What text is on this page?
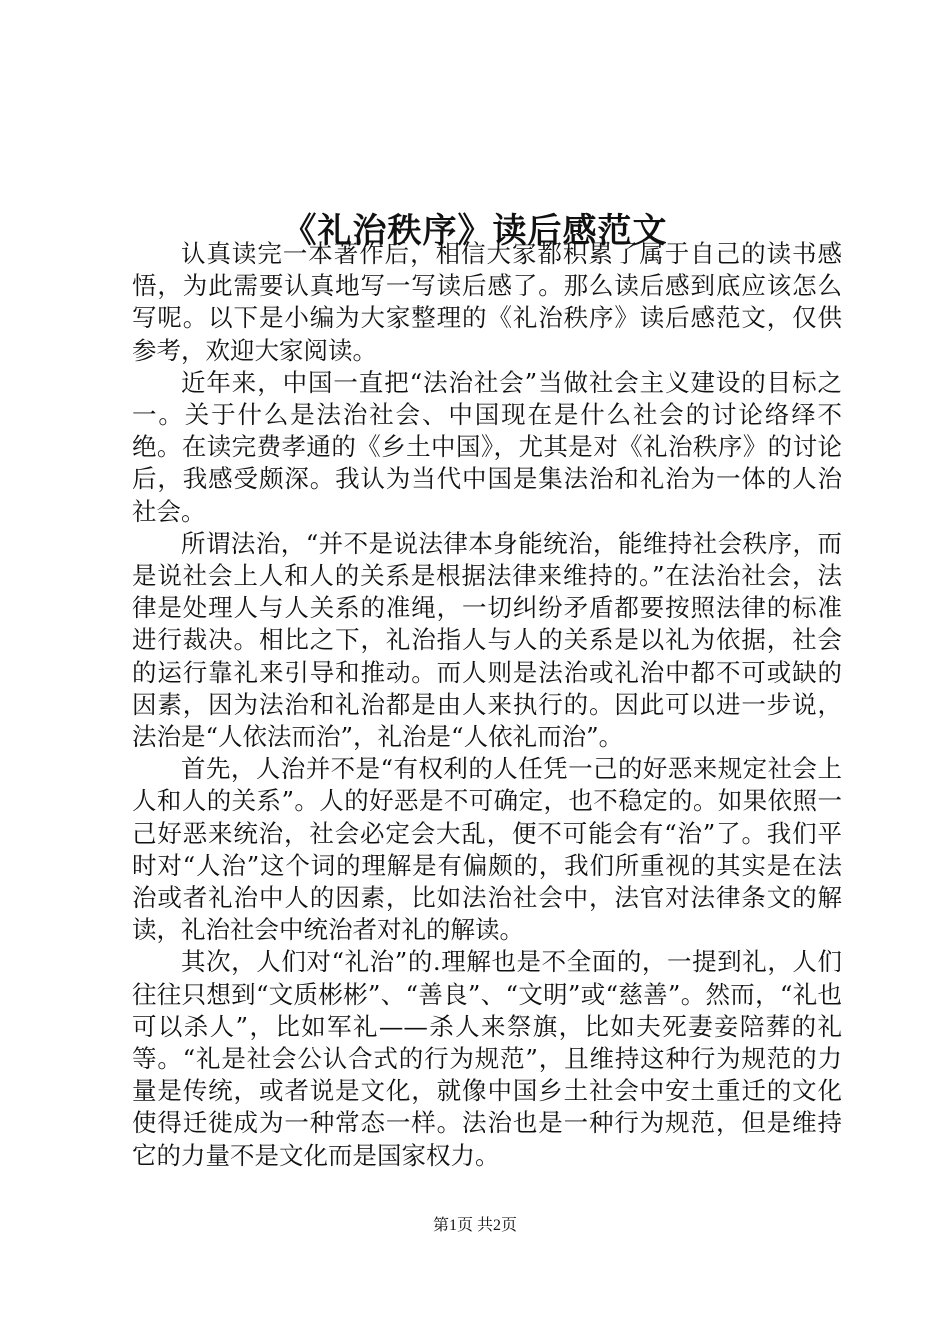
《礼治秩序》读后感范文

认真读完一本著作后，相信大家都积累了属于自己的读书感悟，为此需要认真地写一写读后感了。那么读后感到底应该怎么写呢。以下是小编为大家整理的《礼治秩序》读后感范文，仅供参考，欢迎大家阅读。

近年来，中国一直把“法治社会”当做社会主义建设的目标之一。关于什么是法治社会、中国现在是什么社会的讨论络绎不绝。在读完费孝通的《乡土中国》，尤其是对《礼治秩序》的讨论后，我感受颇深。我认为当代中国是集法治和礼治为一体的人治社会。

所谓法治，“并不是说法律本身能统治，能维持社会秩序，而是说社会上人和人的关系是根据法律来维持的。”在法治社会，法律是处理人与人关系的准绳，一切纠纷矛盾都要按照法律的标准进行裁决。相比之下，礼治指人与人的关系是以礼为依据，社会的运行靠礼来引导和推动。而人则是法治或礼治中都不可或缺的因素，因为法治和礼治都是由人来执行的。因此可以进一步说，法治是“人依法而治”，礼治是“人依礼而治”。

首先，人治并不是“有权利的人任凭一己的好恶来规定社会上人和人的关系”。人的好恶是不可确定，也不稳定的。如果依照一己好恶来统治，社会必定会大乱，便不可能会有“治”了。我们平时对“人治”这个词的理解是有偏颇的，我们所重视的其实是在法治或者礼治中人的因素，比如法治社会中，法官对法律条文的解读，礼治社会中统治者对礼的解读。

其次，人们对“礼治”的.理解也是不全面的，一提到礼，人们往往只想到“文质彬彬”、“善良”、“文明”或“慈善”。然而，“礼也可以杀人”，比如军礼——杀人来祭旗，比如夫死妻妾陪葬的礼等。“礼是社会公认合式的行为规范”，且维持这种行为规范的力量是传统，或者说是文化，就像中国乡土社会中安土重迁的文化使得迁徙成为一种常态一样。法治也是一种行为规范，但是维持它的力量不是文化而是国家权力。

第1页 共2页
